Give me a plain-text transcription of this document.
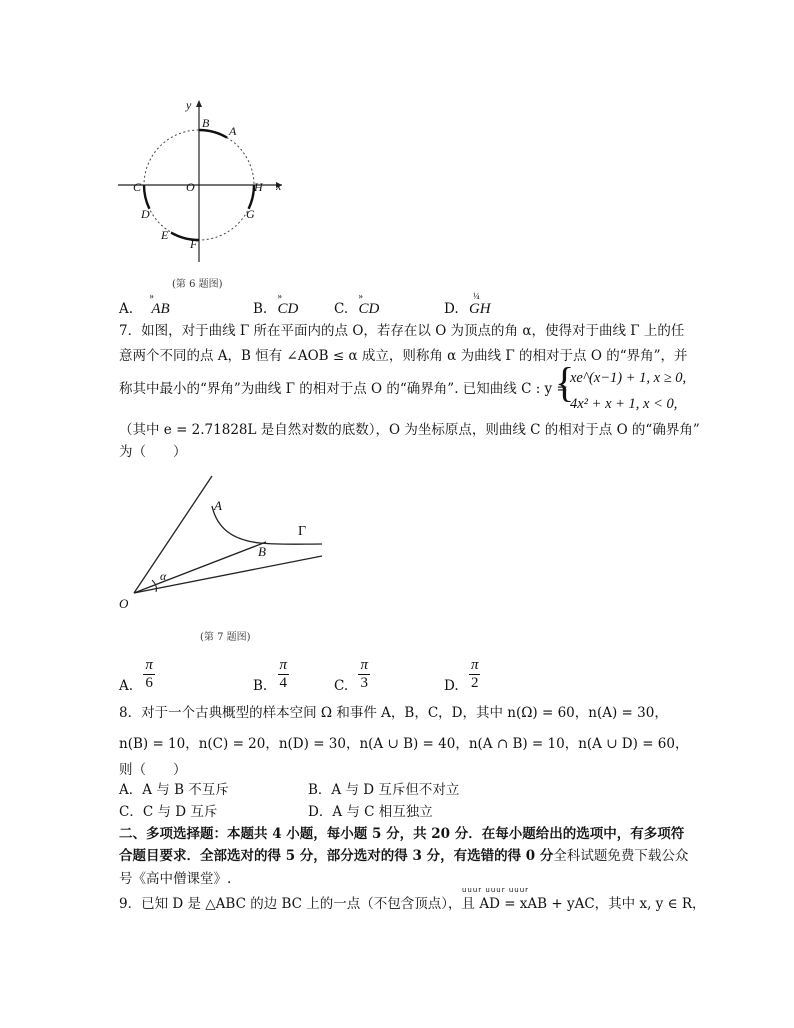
y
x
B
A
C	O	H
D	G
E
F
(第 6 题图)
A.
»
AB	B.
»
CD	C.
»
CD	D.
¼
GH
7．如图，对于曲线 Γ 所在平面内的点 O，若存在以 O 为顶点的角 α，使得对于曲线 Γ 上的任
意两个不同的点 A，B 恒有 ∠AOB ≤ α 成立，则称角 α 为曲线 Γ 的相对于点 O 的“界角”，并
称其中最小的“界角”为曲线 Γ 的相对于点 O 的“确界角”. 已知曲线 C : y =
{
xe^(x−1) + 1, x ≥ 0,
4x² + x + 1, x < 0,
（其中 e = 2.71828L 是自然对数的底数），O 为坐标原点，则曲线 C 的相对于点 O 的“确界角”
为（　　）
A
B
O
α
Γ
(第 7 题图)
A. $\frac{\pi}{6}$	B. $\frac{\pi}{4}$	C. $\frac{\pi}{3}$	D. $\frac{\pi}{2}$
8．对于一个古典概型的样本空间 Ω 和事件 A，B，C，D，其中 n(Ω) = 60，n(A) = 30，
n(B) = 10，n(C) = 20，n(D) = 30，n(A ∪ B) = 40，n(A ∩ B) = 10，n(A ∪ D) = 60，
则（　　）
A．A 与 B 不互斥	B．A 与 D 互斥但不对立
C．C 与 D 互斥	D．A 与 C 相互独立
二、多项选择题：本题共 4 小题，每小题 5 分，共 20 分．在每小题给出的选项中，有多项符
合题目要求．全部选对的得 5 分，部分选对的得 3 分，有选错的得 0 分全科试题免费下载公众
号《高中僧课堂》.
uuur uuur uuur
9．已知 D 是 △ABC 的边 BC 上的一点（不包含顶点），且 AD = xAB + yAC，其中 x, y ∈ R，
